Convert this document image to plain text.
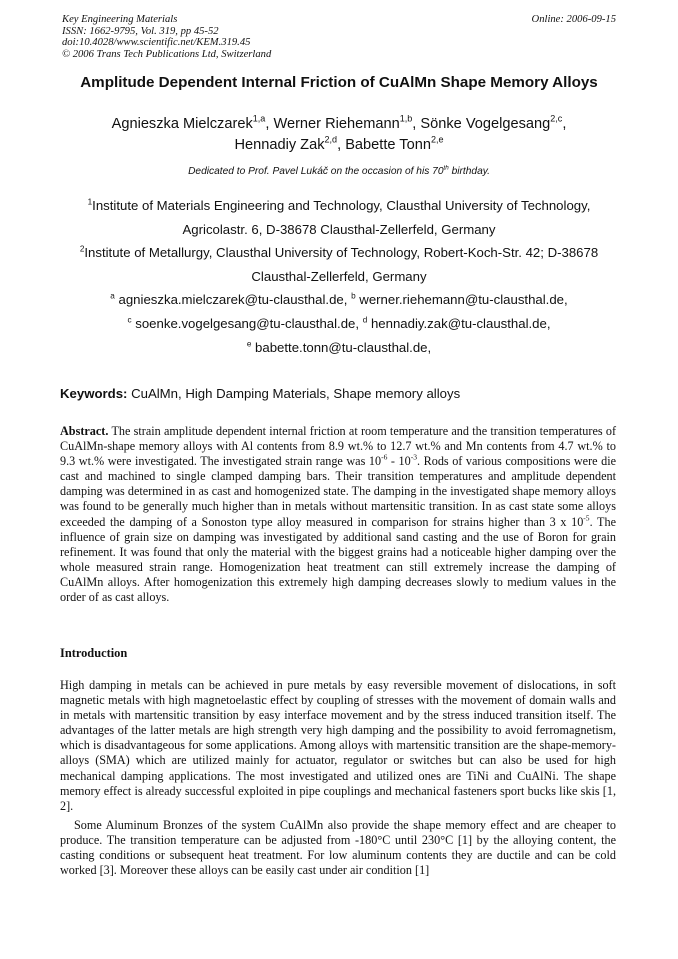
Key Engineering Materials
ISSN: 1662-9795, Vol. 319, pp 45-52
doi:10.4028/www.scientific.net/KEM.319.45
© 2006 Trans Tech Publications Ltd, Switzerland
Online: 2006-09-15
Amplitude Dependent Internal Friction of CuAlMn Shape Memory Alloys
Agnieszka Mielczarek$^{1,a}$, Werner Riehemann$^{1,b}$, Sönke Vogelgesang$^{2,c}$,
Hennadiy Zak$^{2,d}$, Babette Tonn$^{2,e}$
Dedicated to Prof. Pavel Lukáč on the occasion of his 70th birthday.
$^1$Institute of Materials Engineering and Technology, Clausthal University of Technology, Agricolastr. 6, D-38678 Clausthal-Zellerfeld, Germany
$^2$Institute of Metallurgy, Clausthal University of Technology, Robert-Koch-Str. 42; D-38678 Clausthal-Zellerfeld, Germany
$^a$ agnieszka.mielczarek@tu-clausthal.de, $^b$ werner.riehemann@tu-clausthal.de,
$^c$ soenke.vogelgesang@tu-clausthal.de, $^d$ hennadiy.zak@tu-clausthal.de,
$^e$ babette.tonn@tu-clausthal.de,
Keywords: CuAlMn, High Damping Materials, Shape memory alloys
Abstract. The strain amplitude dependent internal friction at room temperature and the transition temperatures of CuAlMn-shape memory alloys with Al contents from 8.9 wt.% to 12.7 wt.% and Mn contents from 4.7 wt.% to 9.3 wt.% were investigated. The investigated strain range was $10^{-6} - 10^{-3}$. Rods of various compositions were die cast and machined to single clamped damping bars. Their transition temperatures and amplitude dependent damping was determined in as cast and homogenized state. The damping in the investigated shape memory alloys was found to be generally much higher than in metals without martensitic transition. In as cast state some alloys exceeded the damping of a Sonoston type alloy measured in comparison for strains higher than 3 x $10^{-5}$. The influence of grain size on damping was investigated by additional sand casting and the use of Boron for grain refinement. It was found that only the material with the biggest grains had a noticeable higher damping over the whole measured strain range. Homogenization heat treatment can still extremely increase the damping of CuAlMn alloys. After homogenization this extremely high damping decreases slowly to medium values in the order of as cast alloys.
Introduction
High damping in metals can be achieved in pure metals by easy reversible movement of dislocations, in soft magnetic metals with high magnetoelastic effect by coupling of stresses with the movement of domain walls and in metals with martensitic transition by easy interface movement and by the stress induced transition itself. The advantages of the latter metals are high strength very high damping and the possibility to avoid ferromagnetism, which is disadvantageous for some applications. Among alloys with martensitic transition are the shape-memory-alloys (SMA) which are utilized mainly for actuator, regulator or switches but can also be used for high mechanical damping applications. The most investigated and utilized ones are TiNi and CuAlNi. The shape memory effect is already successful exploited in pipe couplings and mechanical fasteners sport bucks like skis [1, 2].
Some Aluminum Bronzes of the system CuAlMn also provide the shape memory effect and are cheaper to produce. The transition temperature can be adjusted from -180°C until 230°C [1] by the alloying content, the casting conditions or subsequent heat treatment. For low aluminum contents they are ductile and can be cold worked [3]. Moreover these alloys can be easily cast under air condition [1]
